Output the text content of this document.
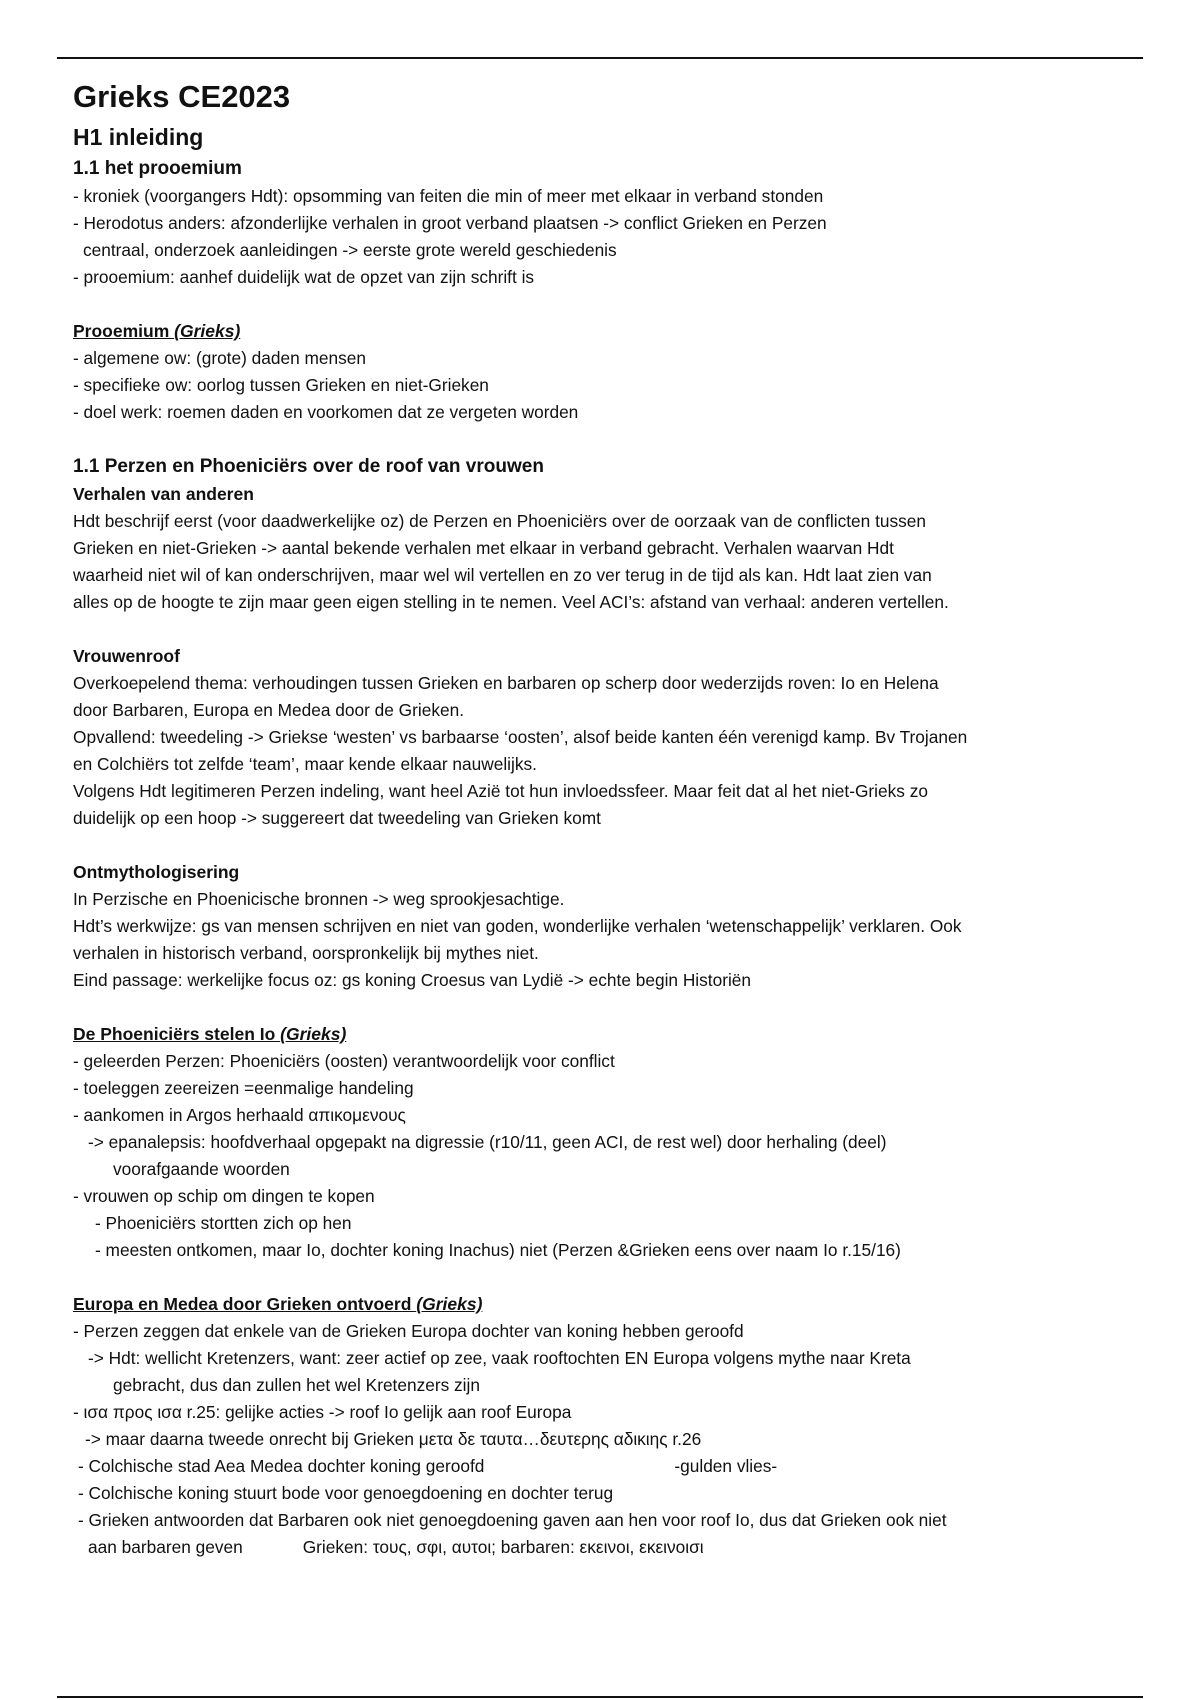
Grieks CE2023
H1 inleiding
1.1 het prooemium

- kroniek (voorgangers Hdt): opsomming van feiten die min of meer met elkaar in verband stonden

- Herodotus anders: afzonderlijke verhalen in groot verband plaatsen -> conflict Grieken en Perzen

centraal, onderzoek aanleidingen -> eerste grote wereld geschiedenis

- prooemium: aanhef duidelijk wat de opzet van zijn schrift is

Prooemium (Grieks)

- algemene ow: (grote) daden mensen

- specifieke ow: oorlog tussen Grieken en niet-Grieken

- doel werk: roemen daden en voorkomen dat ze vergeten worden

1.1 Perzen en Phoeniciërs over de roof van vrouwen

Verhalen van anderen

Hdt beschrijf eerst (voor daadwerkelijke oz) de Perzen en Phoeniciërs over de oorzaak van de conflicten tussen

Grieken en niet-Grieken -> aantal bekende verhalen met elkaar in verband gebracht. Verhalen waarvan Hdt

waarheid niet wil of kan onderschrijven, maar wel wil vertellen en zo ver terug in de tijd als kan. Hdt laat zien van

alles op de hoogte te zijn maar geen eigen stelling in te nemen. Veel ACI’s: afstand van verhaal: anderen vertellen.

Vrouwenroof

Overkoepelend thema: verhoudingen tussen Grieken en barbaren op scherp door wederzijds roven: Io en Helena

door Barbaren, Europa en Medea door de Grieken.

Opvallend: tweedeling -> Griekse ‘westen’ vs barbaarse ‘oosten’, alsof beide kanten één verenigd kamp. Bv Trojanen

en Colchiërs tot zelfde ‘team’, maar kende elkaar nauwelijks.

Volgens Hdt legitimeren Perzen indeling, want heel Azië tot hun invloedssfeer. Maar feit dat al het niet-Grieks zo

duidelijk op een hoop -> suggereert dat tweedeling van Grieken komt

Ontmythologisering

In Perzische en Phoenicische bronnen -> weg sprookjesachtige.

Hdt’s werkwijze: gs van mensen schrijven en niet van goden, wonderlijke verhalen ‘wetenschappelijk’ verklaren. Ook

verhalen in historisch verband, oorspronkelijk bij mythes niet.

Eind passage: werkelijke focus oz: gs koning Croesus van Lydië -> echte begin Historiën

De Phoeniciërs stelen Io (Grieks)

- geleerden Perzen: Phoeniciërs (oosten) verantwoordelijk voor conflict

- toeleggen zeereizen =eenmalige handeling

- aankomen in Argos herhaald απικομενους

-> epanalepsis: hoofdverhaal opgepakt na digressie (r10/11, geen ACI, de rest wel) door herhaling (deel)

voorafgaande woorden

- vrouwen op schip om dingen te kopen

- Phoeniciërs stortten zich op hen

- meesten ontkomen, maar Io, dochter koning Inachus) niet (Perzen &Grieken eens over naam Io r.15/16)

Europa en Medea door Grieken ontvoerd (Grieks)

- Perzen zeggen dat enkele van de Grieken Europa dochter van koning hebben geroofd

-> Hdt: wellicht Kretenzers, want: zeer actief op zee, vaak rooftochten EN Europa volgens mythe naar Kreta

gebracht, dus dan zullen het wel Kretenzers zijn

- ισα προς ισα r.25: gelijke acties -> roof Io gelijk aan roof Europa

-> maar daarna tweede onrecht bij Grieken μετα δε ταυτα…δευτερης αδικιης r.26

- Colchische stad Aea Medea dochter koning geroofd	-gulden vlies-

- Colchische koning stuurt bode voor genoegdoening en dochter terug

- Grieken antwoorden dat Barbaren ook niet genoegdoening gaven aan hen voor roof Io, dus dat Grieken ook niet

aan barbaren geven	Grieken: τους, σφι, αυτοι; barbaren: εκεινοι, εκεινοισι
